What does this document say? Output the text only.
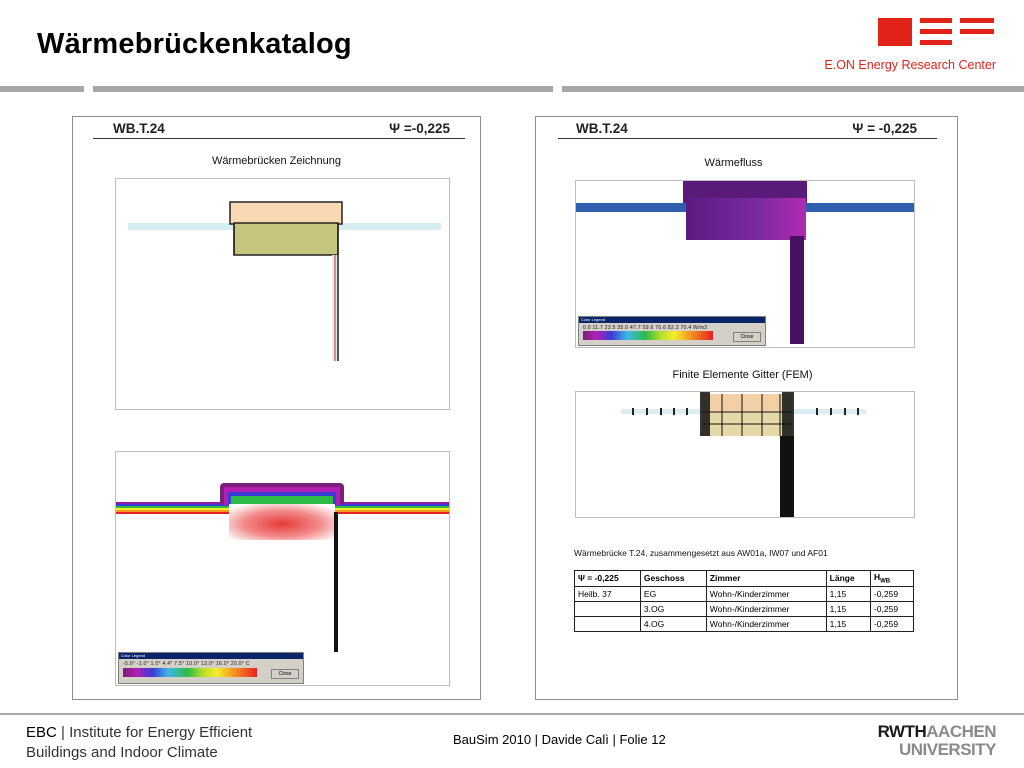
Wärmebrückenkatalog
E.ON Energy Research Center
WB.T.24	Ψ =-0,225
Wärmebrücken Zeichnung
Color Legend
-5.0° -1.0° 1.0° 4.4° 7.5° 10.0° 13.0° 16.0° 20.0° C
Close
WB.T.24	Ψ = -0,225
Wärmefluss
Color Legend
0.0 11.7 23.5 35.0 47.7 59.6 70.6 82.3 70.4 W/m2
Close
Finite Elemente Gitter (FEM)
Wärmebrücke T.24, zusammengesetzt aus AW01a, IW07 und AF01
Ψ = -0,225	Geschoss	Zimmer	Länge	$H_{WB}$
Heilb. 37	EG	Wohn-/Kinderzimmer	1,15	-0,259
	3.OG	Wohn-/Kinderzimmer	1,15	-0,259
	4.OG	Wohn-/Kinderzimmer	1,15	-0,259
EBC | Institute for Energy Efficient
Buildings and Indoor Climate
BauSim 2010 | Davide Calì | Folie 12	RWTHAACHEN
UNIVERSITY
